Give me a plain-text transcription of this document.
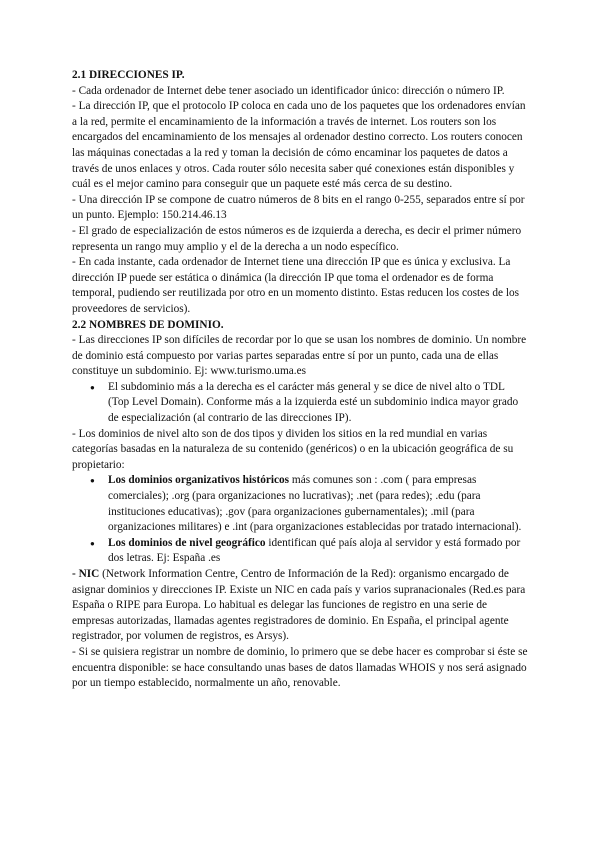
2.1 DIRECCIONES IP.

- Cada ordenador de Internet debe tener asociado un identificador único: dirección o número IP.

- La dirección IP, que el protocolo IP coloca en cada uno de los paquetes que los ordenadores envían a la red, permite el encaminamiento de la información a través de internet. Los routers son los encargados del encaminamiento de los mensajes al ordenador destino correcto. Los routers conocen las máquinas conectadas a la red y toman la decisión de cómo encaminar los paquetes de datos a través de unos enlaces y otros. Cada router sólo necesita saber qué conexiones están disponibles y cuál es el mejor camino para conseguir que un paquete esté más cerca de su destino.

- Una dirección IP se compone de cuatro números de 8 bits en el rango 0-255, separados entre sí por un punto. Ejemplo: 150.214.46.13

- El grado de especialización de estos números es de izquierda a derecha, es decir el primer número representa un rango muy amplio y el de la derecha a un nodo específico.

- En cada instante, cada ordenador de Internet tiene una dirección IP que es única y exclusiva. La dirección IP puede ser estática o dinámica (la dirección IP que toma el ordenador es de forma temporal, pudiendo ser reutilizada por otro en un momento distinto. Estas reducen los costes de los proveedores de servicios).

2.2 NOMBRES DE DOMINIO.

- Las direcciones IP son difíciles de recordar por lo que se usan los nombres de dominio. Un nombre de dominio está compuesto por varias partes separadas entre sí por un punto, cada una de ellas constituye un subdominio. Ej: www.turismo.uma.es

● El subdominio más a la derecha es el carácter más general y se dice de nivel alto o TDL (Top Level Domain). Conforme más a la izquierda esté un subdominio indica mayor grado de especialización (al contrario de las direcciones IP).

- Los dominios de nivel alto son de dos tipos y dividen los sitios en la red mundial en varias categorías basadas en la naturaleza de su contenido (genéricos) o en la ubicación geográfica de su propietario:

● Los dominios organizativos históricos más comunes son : .com ( para empresas comerciales); .org (para organizaciones no lucrativas); .net (para redes); .edu (para instituciones educativas); .gov (para organizaciones gubernamentales); .mil (para organizaciones militares) e .int (para organizaciones establecidas por tratado internacional).
● Los dominios de nivel geográfico identifican qué país aloja al servidor y está formado por dos letras. Ej: España .es

- NIC (Network Information Centre, Centro de Información de la Red): organismo encargado de asignar dominios y direcciones IP. Existe un NIC en cada país y varios supranacionales (Red.es para España o RIPE para Europa. Lo habitual es delegar las funciones de registro en una serie de empresas autorizadas, llamadas agentes registradores de dominio. En España, el principal agente registrador, por volumen de registros, es Arsys).

- Si se quisiera registrar un nombre de dominio, lo primero que se debe hacer es comprobar si éste se encuentra disponible: se hace consultando unas bases de datos llamadas WHOIS y nos será asignado por un tiempo establecido, normalmente un año, renovable.
